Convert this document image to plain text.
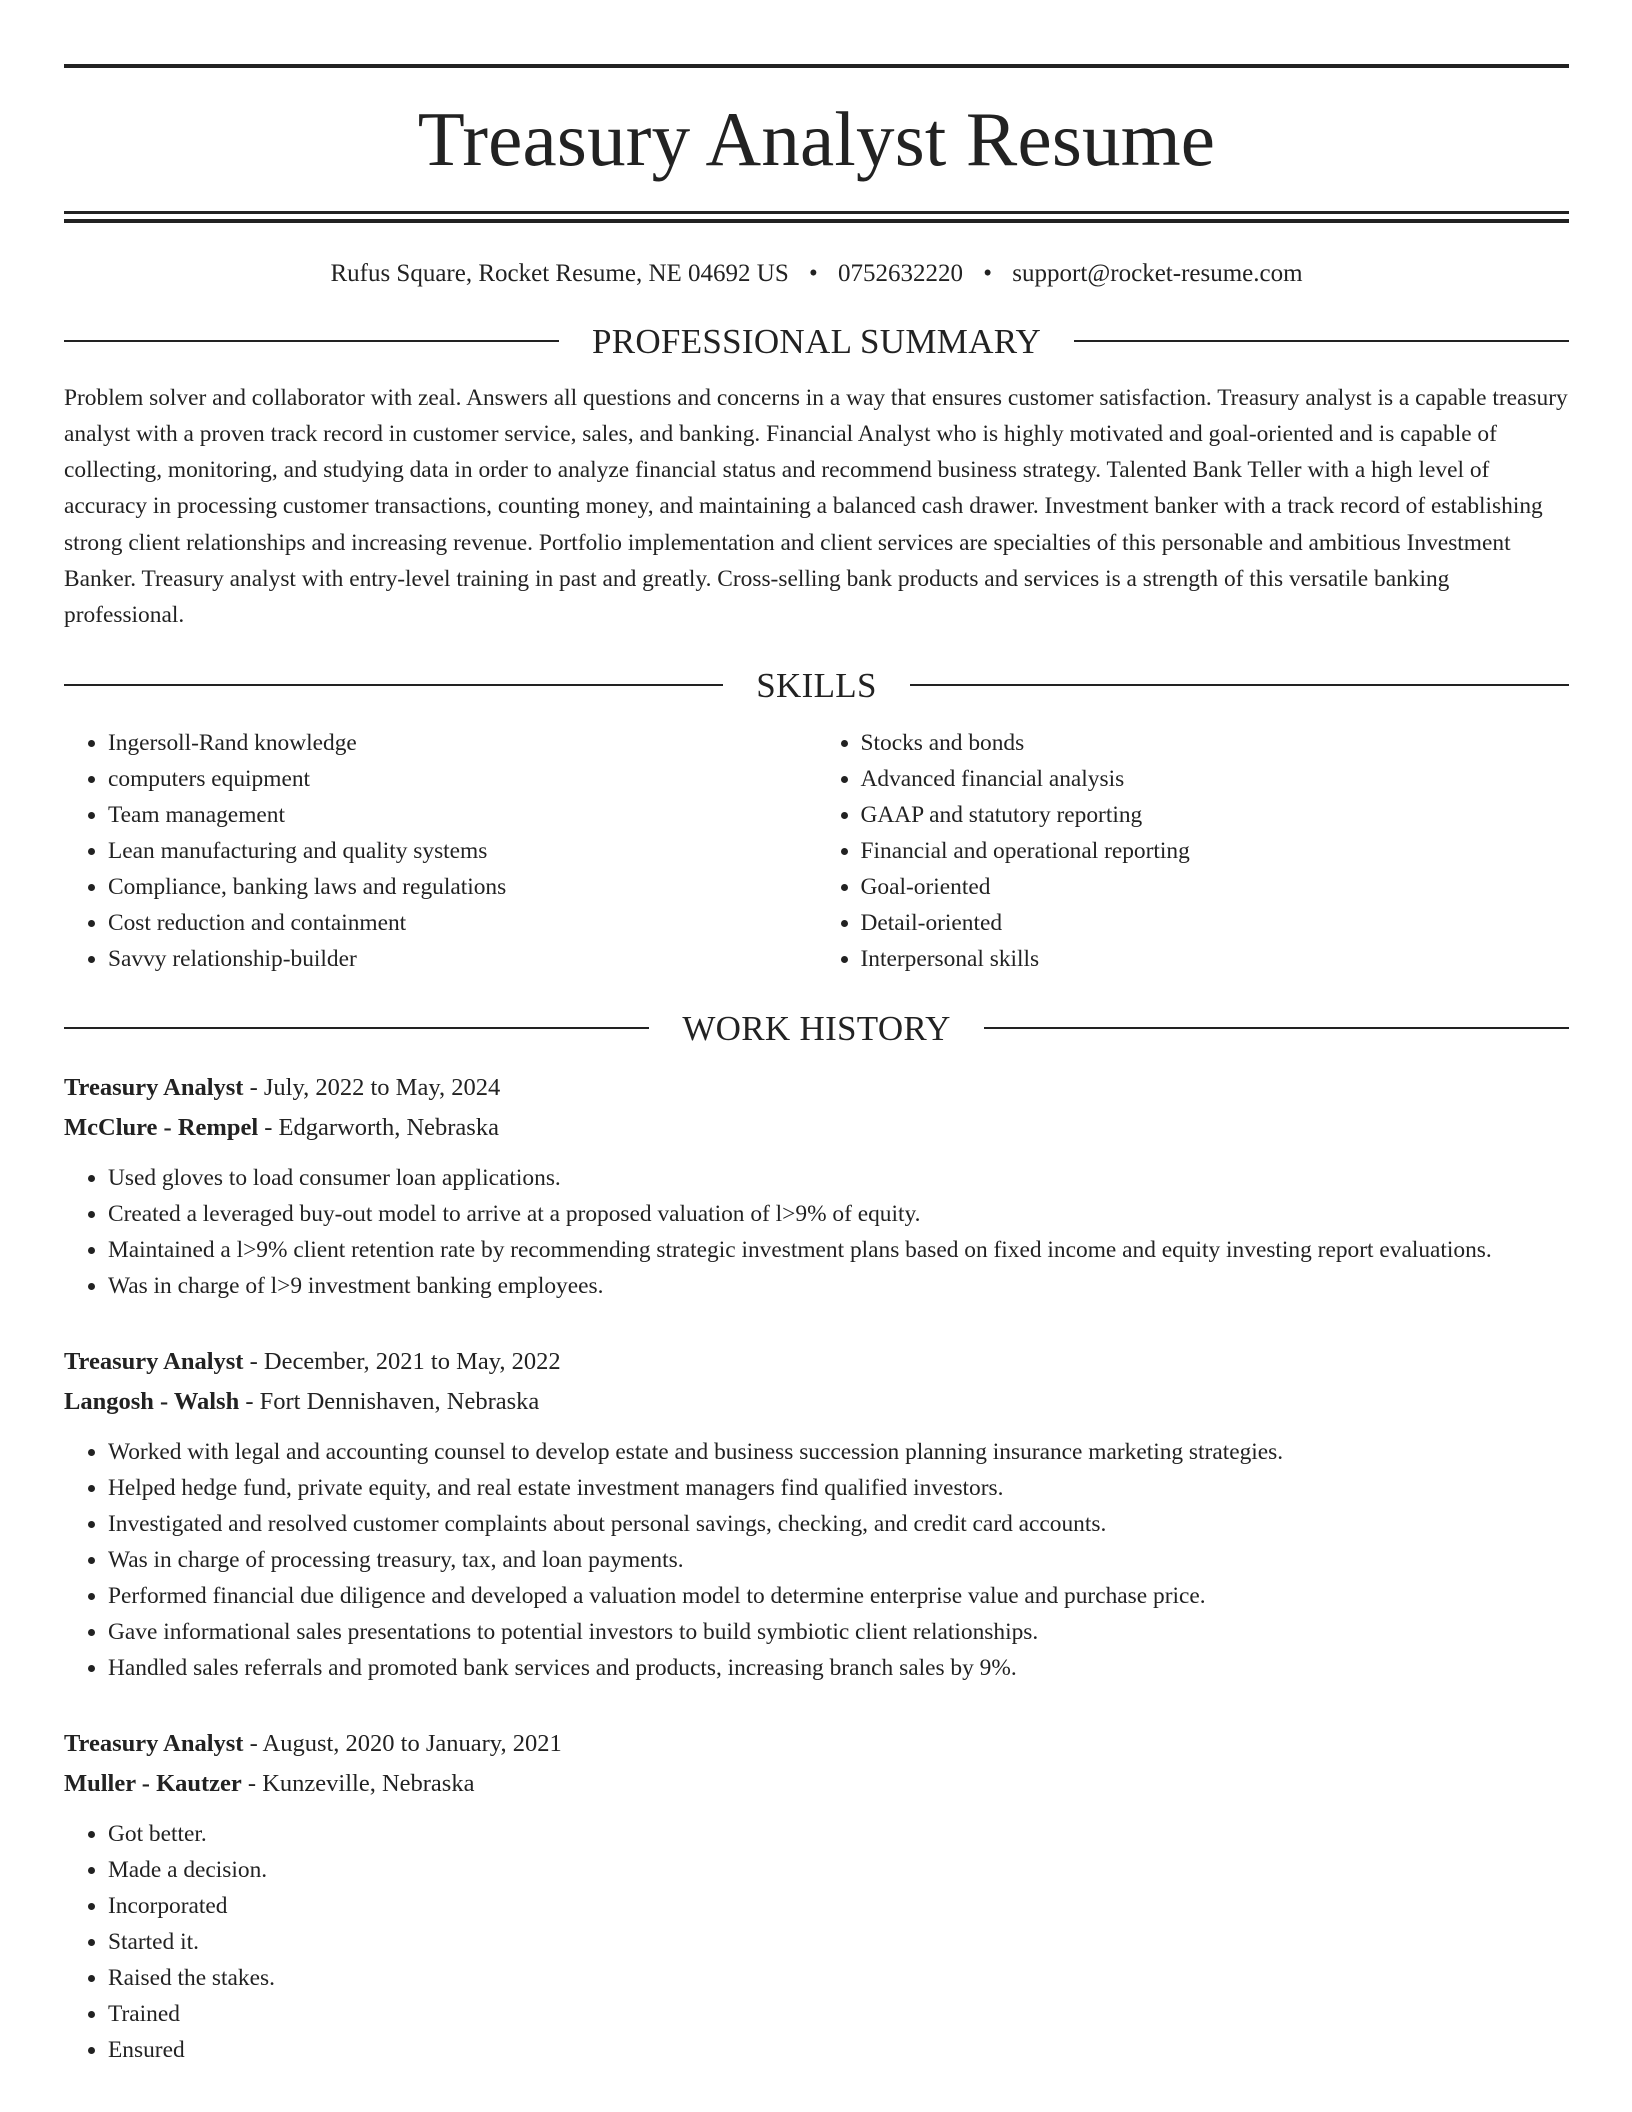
Treasury Analyst Resume
Rufus Square, Rocket Resume, NE 04692 US • 0752632220 • support@rocket-resume.com
PROFESSIONAL SUMMARY

Problem solver and collaborator with zeal. Answers all questions and concerns in a way that ensures customer satisfaction. Treasury analyst is a capable treasury analyst with a proven track record in customer service, sales, and banking. Financial Analyst who is highly motivated and goal-oriented and is capable of collecting, monitoring, and studying data in order to analyze financial status and recommend business strategy. Talented Bank Teller with a high level of accuracy in processing customer transactions, counting money, and maintaining a balanced cash drawer. Investment banker with a track record of establishing strong client relationships and increasing revenue. Portfolio implementation and client services are specialties of this personable and ambitious Investment Banker. Treasury analyst with entry-level training in past and greatly. Cross-selling bank products and services is a strength of this versatile banking professional.

SKILLS
• Ingersoll-Rand knowledge
• computers equipment
• Team management
• Lean manufacturing and quality systems
• Compliance, banking laws and regulations
• Cost reduction and containment
• Savvy relationship-builder
• Stocks and bonds
• Advanced financial analysis
• GAAP and statutory reporting
• Financial and operational reporting
• Goal-oriented
• Detail-oriented
• Interpersonal skills
WORK HISTORY
Treasury Analyst - July, 2022 to May, 2024
McClure - Rempel - Edgarworth, Nebraska
• Used gloves to load consumer loan applications.
• Created a leveraged buy-out model to arrive at a proposed valuation of l>9% of equity.
• Maintained a l>9% client retention rate by recommending strategic investment plans based on fixed income and equity investing report evaluations.
• Was in charge of l>9 investment banking employees.
Treasury Analyst - December, 2021 to May, 2022
Langosh - Walsh - Fort Dennishaven, Nebraska
• Worked with legal and accounting counsel to develop estate and business succession planning insurance marketing strategies.
• Helped hedge fund, private equity, and real estate investment managers find qualified investors.
• Investigated and resolved customer complaints about personal savings, checking, and credit card accounts.
• Was in charge of processing treasury, tax, and loan payments.
• Performed financial due diligence and developed a valuation model to determine enterprise value and purchase price.
• Gave informational sales presentations to potential investors to build symbiotic client relationships.
• Handled sales referrals and promoted bank services and products, increasing branch sales by 9%.
Treasury Analyst - August, 2020 to January, 2021
Muller - Kautzer - Kunzeville, Nebraska
• Got better.
• Made a decision.
• Incorporated
• Started it.
• Raised the stakes.
• Trained
• Ensured
